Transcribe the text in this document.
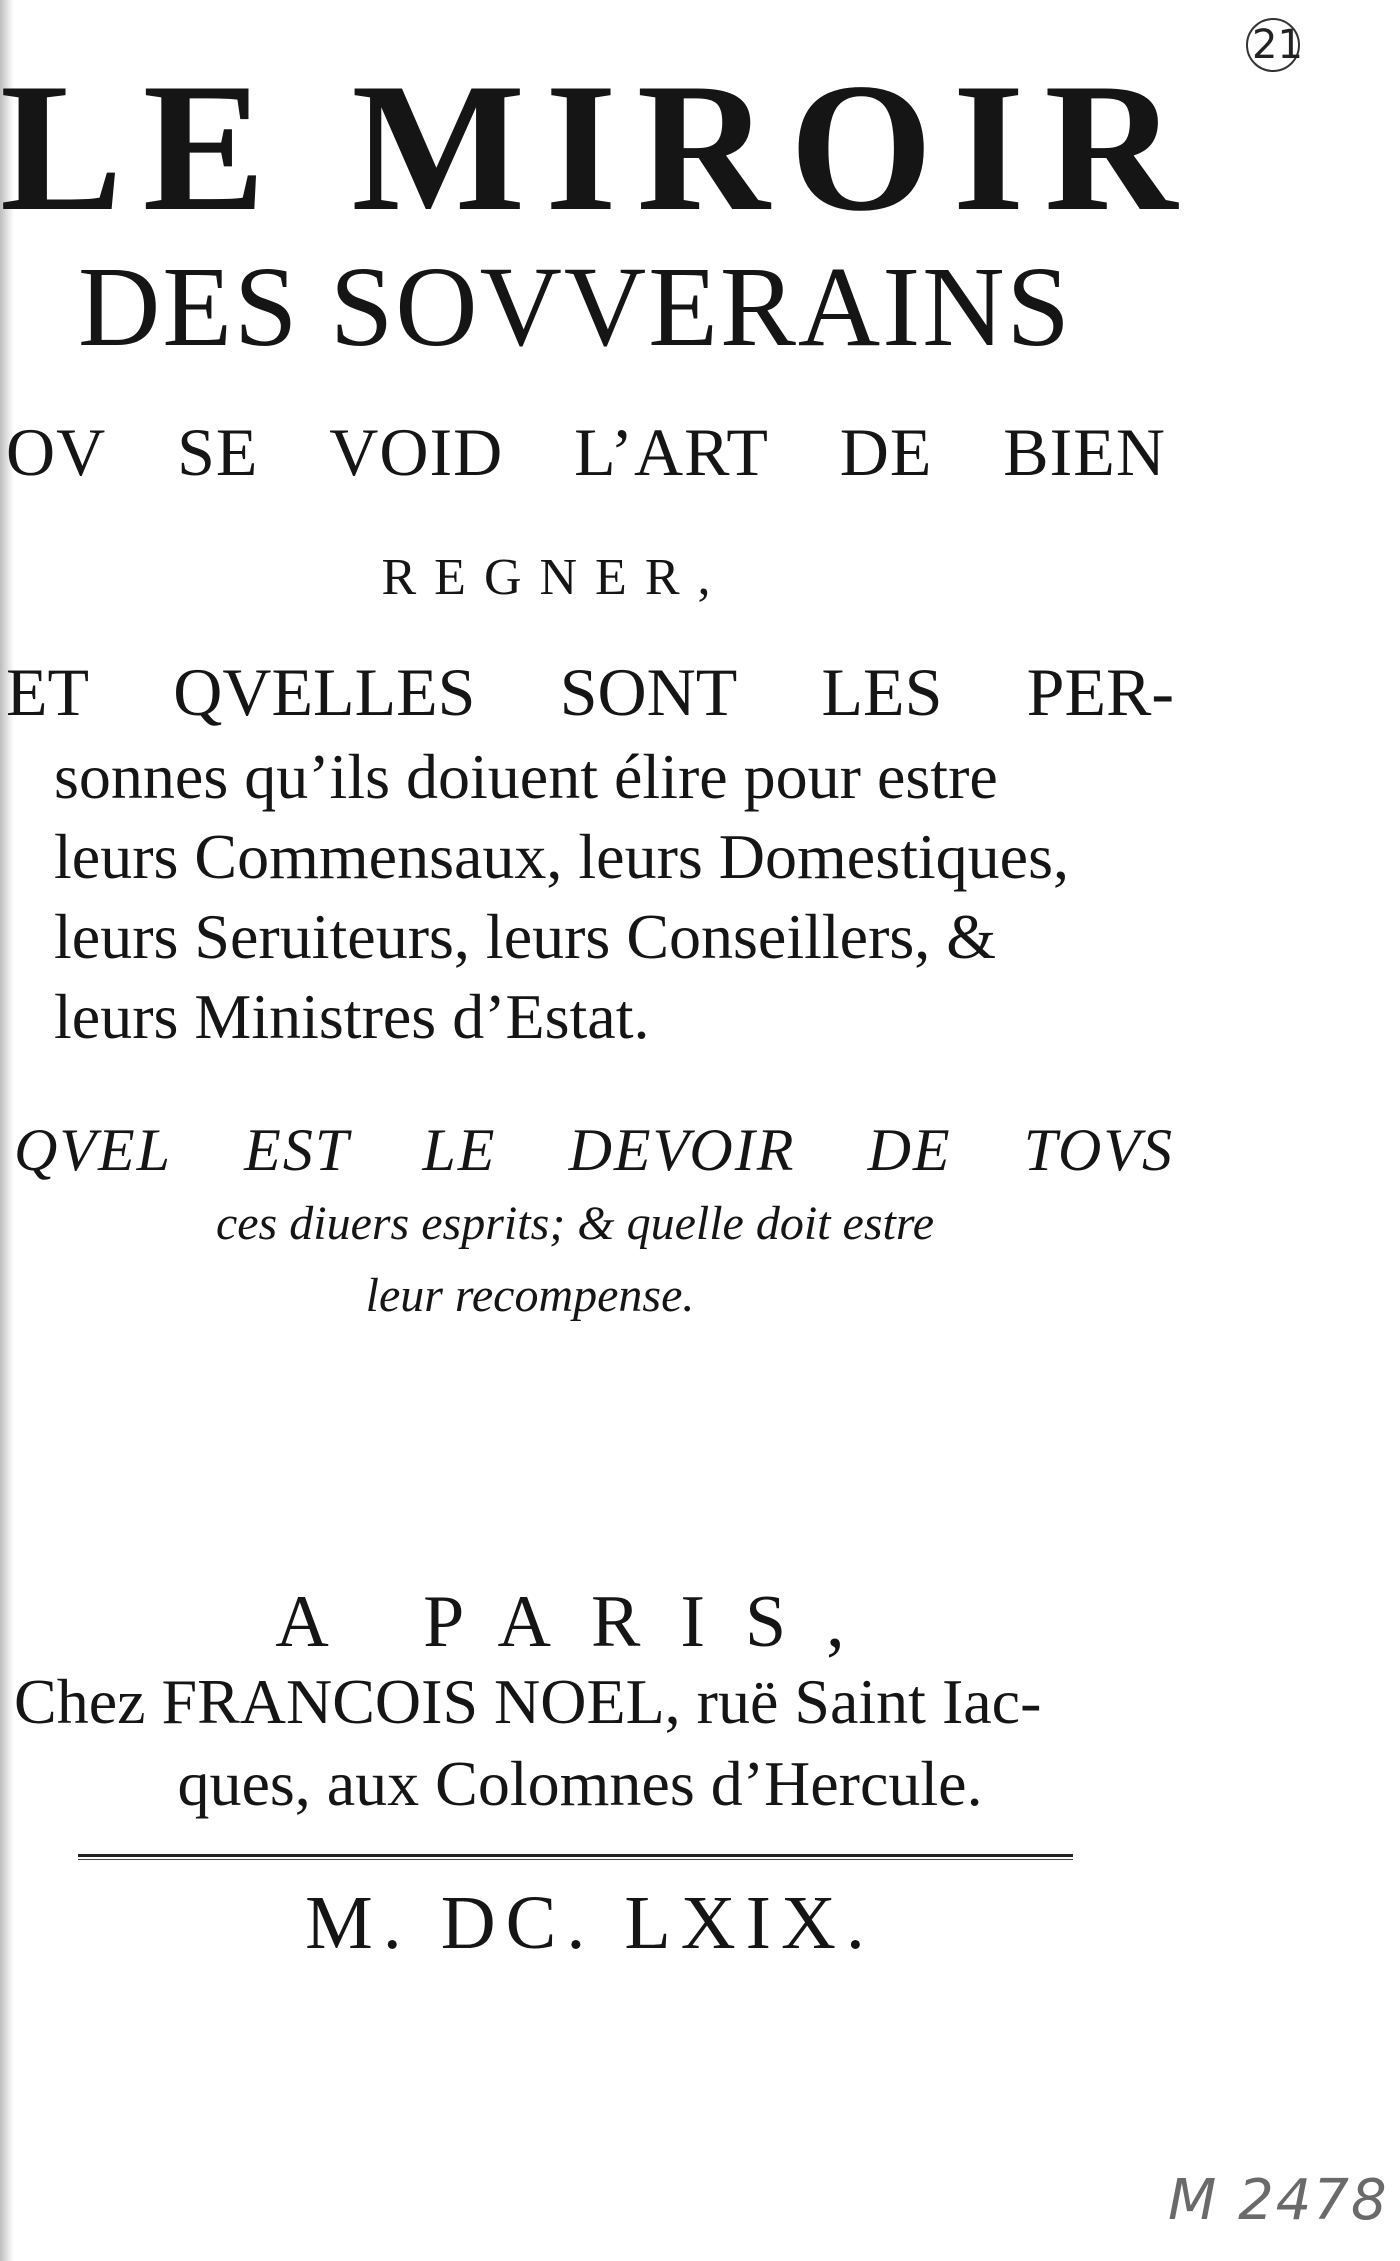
21
LE MIROIR
DES SOVVERAINS
OV SE VOID L’ART DE BIEN
REGNER,
ET QVELLES SONT LES PER-
sonnes qu’ils doiuent élire pour estre
leurs Commensaux, leurs Domestiques,
leurs Seruiteurs, leurs Conseillers, &
leurs Ministres d’Estat.
QVEL EST LE DEVOIR DE TOVS
ces diuers esprits; & quelle doit estre
leur recompense.
A PARIS,
Chez FRANCOIS NOEL, ruë Saint Iac-
ques, aux Colomnes d’Hercule.
M. DC. LXIX.
M 2478
